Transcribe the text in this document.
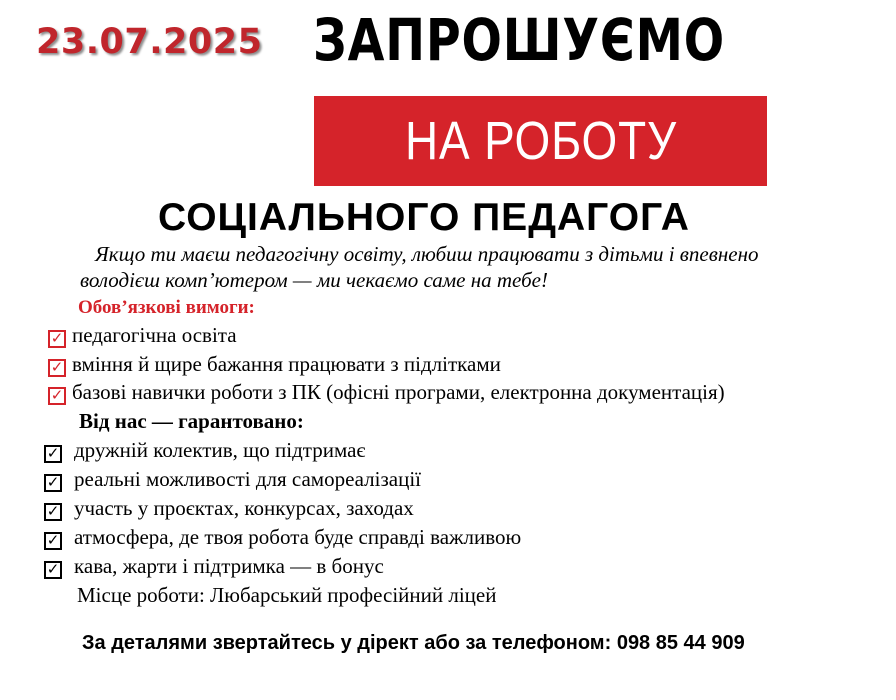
23.07.2025 ЗАПРОШУЄМО
НА РОБОТУ
СОЦІАЛЬНОГО ПЕДАГОГА
Якщо ти маєш педагогічну освіту, любиш працювати з дітьми і впевнено
володієш комп’ютером — ми чекаємо саме на тебе!
Обов’язкові вимоги:
✓ педагогічна освіта
✓ вміння й щире бажання працювати з підлітками
✓ базові навички роботи з ПК (офісні програми, електронна документація)
Від нас — гарантовано:
✓ дружній колектив, що підтримає
✓ реальні можливості для самореалізації
✓ участь у проєктах, конкурсах, заходах
✓ атмосфера, де твоя робота буде справді важливою
✓ кава, жарти і підтримка — в бонус
Місце роботи: Любарський професійний ліцей
За деталями звертайтесь у дірект або за телефоном: 098 85 44 909
